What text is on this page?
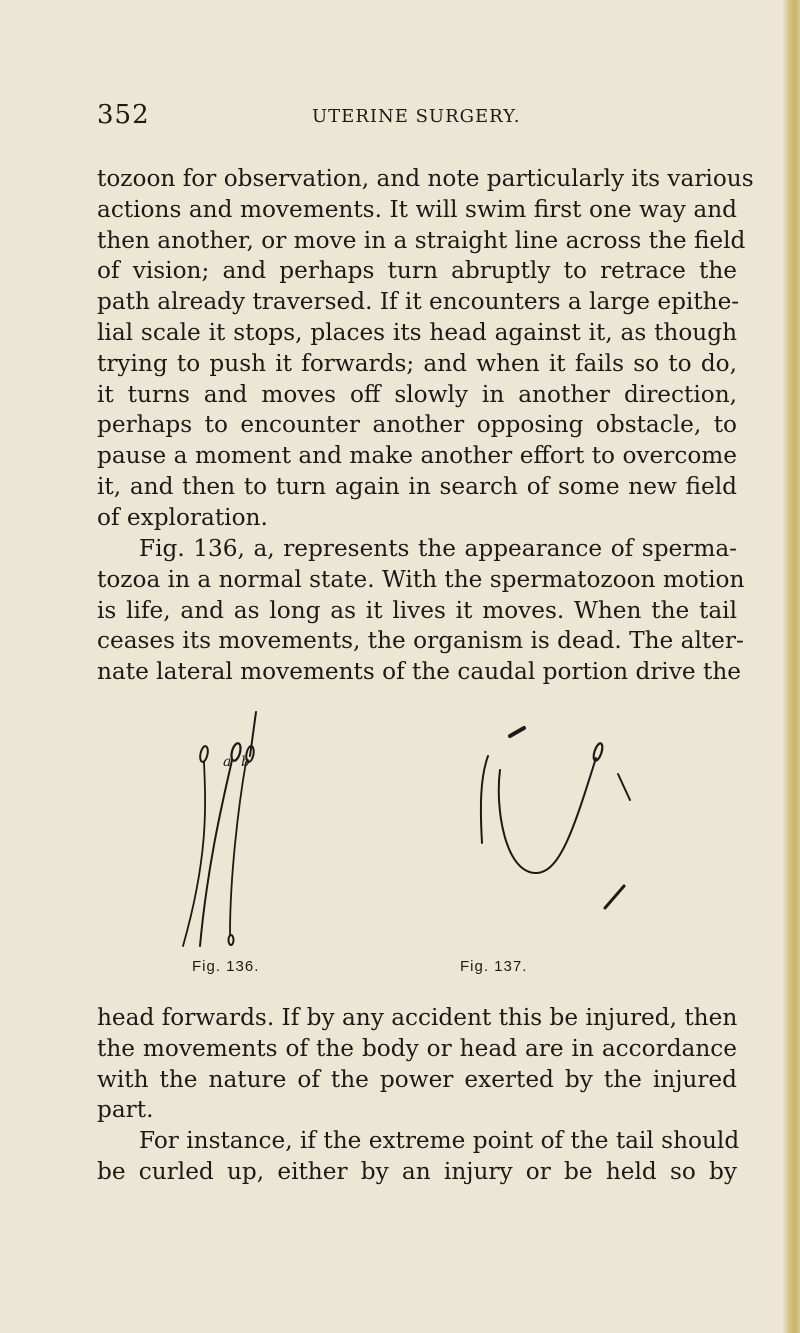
352	UTERINE SURGERY.
tozoon for observation, and note particularly its various
actions and movements. It will swim first one way and
then another, or move in a straight line across the field
of vision; and perhaps turn abruptly to retrace the
path already traversed. If it encounters a large epithe-
lial scale it stops, places its head against it, as though
trying to push it forwards; and when it fails so to do,
it turns and moves off slowly in another direction,
perhaps to encounter another opposing obstacle, to
pause a moment and make another effort to overcome
it, and then to turn again in search of some new field
of exploration.
Fig. 136, a, represents the appearance of sperma-
tozoa in a normal state. With the spermatozoon motion
is life, and as long as it lives it moves. When the tail
ceases its movements, the organism is dead. The alter-
nate lateral movements of the caudal portion drive the
a b
Fig. 136.	Fig. 137.
head forwards. If by any accident this be injured, then
the movements of the body or head are in accordance
with the nature of the power exerted by the injured
part.
For instance, if the extreme point of the tail should
be curled up, either by an injury or be held so by
